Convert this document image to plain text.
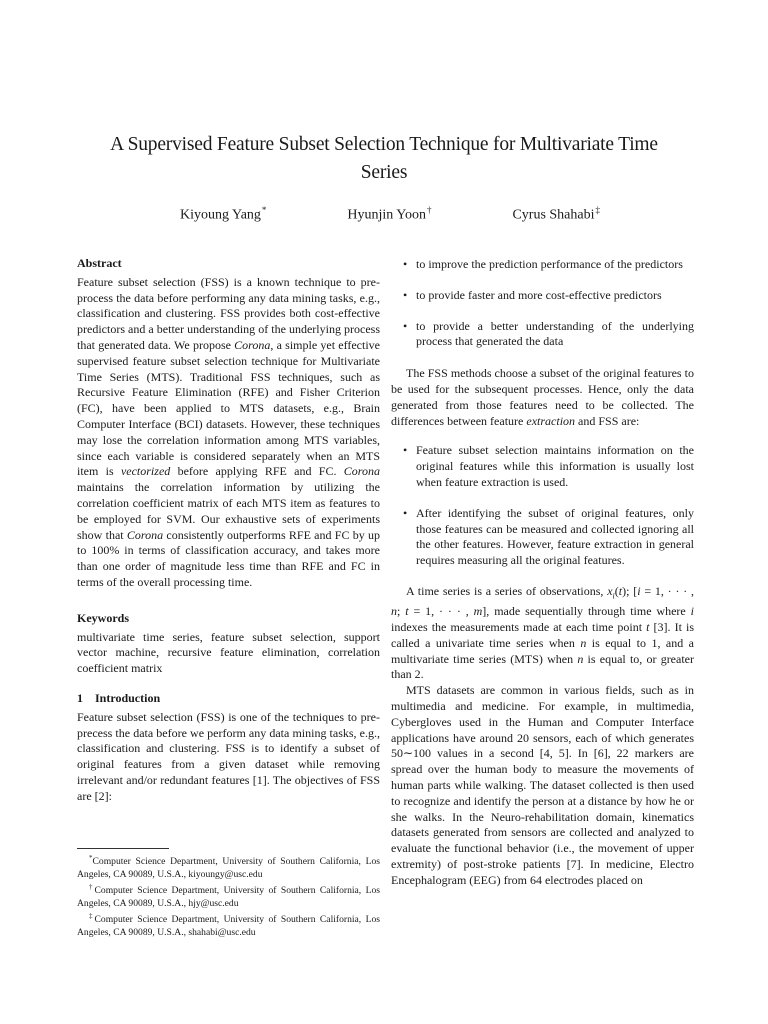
A Supervised Feature Subset Selection Technique for Multivariate Time Series
Kiyoung Yang*	Hyunjin Yoon†	Cyrus Shahabi‡
Abstract

Feature subset selection (FSS) is a known technique to pre-process the data before performing any data mining tasks, e.g., classification and clustering. FSS provides both cost-effective predictors and a better understanding of the underlying process that generated data. We propose Corona, a simple yet effective supervised feature subset selection technique for Multivariate Time Series (MTS). Traditional FSS techniques, such as Recursive Feature Elimination (RFE) and Fisher Criterion (FC), have been applied to MTS datasets, e.g., Brain Computer Interface (BCI) datasets. However, these techniques may lose the correlation information among MTS variables, since each variable is considered separately when an MTS item is vectorized before applying RFE and FC. Corona maintains the correlation information by utilizing the correlation coefficient matrix of each MTS item as features to be employed for SVM. Our exhaustive sets of experiments show that Corona consistently outperforms RFE and FC by up to 100% in terms of classification accuracy, and takes more than one order of magnitude less time than RFE and FC in terms of the overall processing time.

Keywords

multivariate time series, feature subset selection, support vector machine, recursive feature elimination, correlation coefficient matrix

1 Introduction

Feature subset selection (FSS) is one of the techniques to pre-precess the data before we perform any data mining tasks, e.g., classification and clustering. FSS is to identify a subset of original features from a given dataset while removing irrelevant and/or redundant features [1]. The objectives of FSS are [2]:

*Computer Science Department, University of Southern California, Los Angeles, CA 90089, U.S.A., kiyoungy@usc.edu

†Computer Science Department, University of Southern California, Los Angeles, CA 90089, U.S.A., hjy@usc.edu

‡Computer Science Department, University of Southern California, Los Angeles, CA 90089, U.S.A., shahabi@usc.edu

• to improve the prediction performance of the predictors
• to provide faster and more cost-effective predictors
• to provide a better understanding of the underlying process that generated the data

The FSS methods choose a subset of the original features to be used for the subsequent processes. Hence, only the data generated from those features need to be collected. The differences between feature extraction and FSS are:

• Feature subset selection maintains information on the original features while this information is usually lost when feature extraction is used.
• After identifying the subset of original features, only those features can be measured and collected ignoring all the other features. However, feature extraction in general requires measuring all the original features.

A time series is a series of observations, $x_i(t)$; [i = 1, · · · , n; t = 1, · · · , m], made sequentially through time where i indexes the measurements made at each time point t [3]. It is called a univariate time series when n is equal to 1, and a multivariate time series (MTS) when n is equal to, or greater than 2.

MTS datasets are common in various fields, such as in multimedia and medicine. For example, in multimedia, Cybergloves used in the Human and Computer Interface applications have around 20 sensors, each of which generates 50∼100 values in a second [4, 5]. In [6], 22 markers are spread over the human body to measure the movements of human parts while walking. The dataset collected is then used to recognize and identify the person at a distance by how he or she walks. In the Neuro-rehabilitation domain, kinematics datasets generated from sensors are collected and analyzed to evaluate the functional behavior (i.e., the movement of upper extremity) of post-stroke patients [7]. In medicine, Electro Encephalogram (EEG) from 64 electrodes placed on
